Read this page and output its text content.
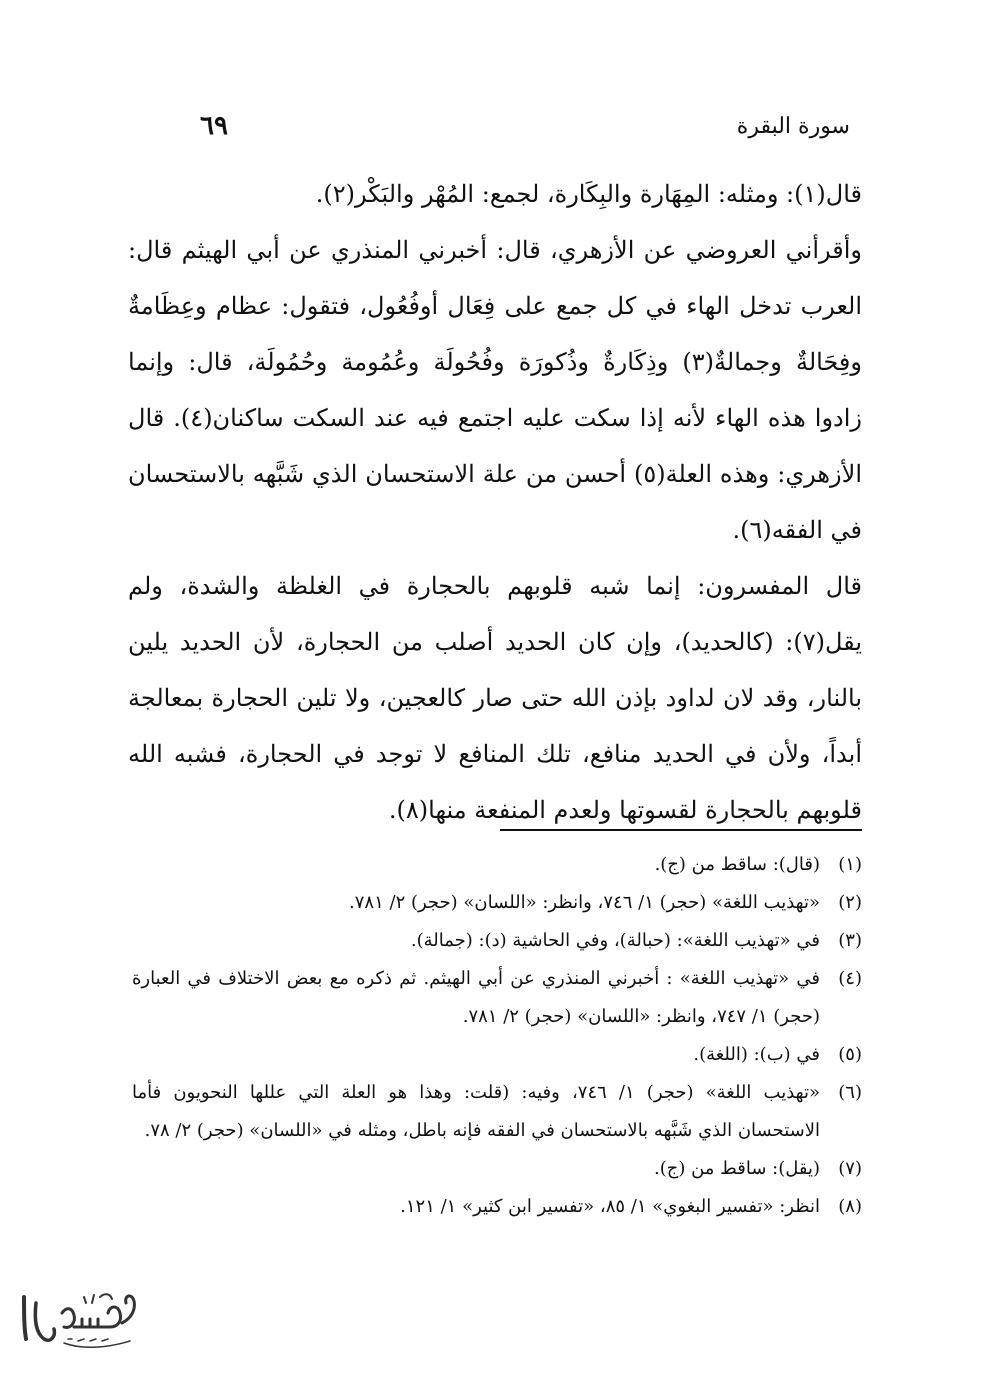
سورة البقرة
٦٩

قال(١): ومثله: المِهَارة والبِكَارة، لجمع: المُهْر والبَكْر(٢).

وأقرأني العروضي عن الأزهري، قال: أخبرني المنذري عن أبي الهيثم قال: العرب تدخل الهاء في كل جمع على فِعَال أوفُعُول، فتقول: عظام وعِظَامةٌ وفِحَالةٌ وجمالةٌ(٣) وذِكَارةٌ وذُكورَة وفُحُولَة وعُمُومة وحُمُولَة، قال: وإنما زادوا هذه الهاء لأنه إذا سكت عليه اجتمع فيه عند السكت ساكنان(٤). قال الأزهري: وهذه العلة(٥) أحسن من علة الاستحسان الذي شَبَّهه بالاستحسان في الفقه(٦).

قال المفسرون: إنما شبه قلوبهم بالحجارة في الغلظة والشدة، ولم يقل(٧): (كالحديد)، وإن كان الحديد أصلب من الحجارة، لأن الحديد يلين بالنار، وقد لان لداود بإذن الله حتى صار كالعجين، ولا تلين الحجارة بمعالجة أبداً، ولأن في الحديد منافع، تلك المنافع لا توجد في الحجارة، فشبه الله قلوبهم بالحجارة لقسوتها ولعدم المنفعة منها(٨).

(١)
(قال): ساقط من (ج).
(٢)
«تهذيب اللغة» (حجر) ١/ ٧٤٦، وانظر: «اللسان» (حجر) ٢/ ٧٨١.
(٣)
في «تهذيب اللغة»: (حبالة)، وفي الحاشية (د): (جمالة).
(٤)
في «تهذيب اللغة» : أخبرني المنذري عن أبي الهيثم. ثم ذكره مع بعض الاختلاف في العبارة (حجر) ١/ ٧٤٧، وانظر: «اللسان» (حجر) ٢/ ٧٨١.
(٥)
في (ب): (اللغة).
(٦)
«تهذيب اللغة» (حجر) ١/ ٧٤٦، وفيه: (قلت: وهذا هو العلة التي عللها النحويون فأما الاستحسان الذي شَبَّهه بالاستحسان في الفقه فإنه باطل، ومثله في «اللسان» (حجر) ٢/ ٧٨.
(٧)
(يقل): ساقط من (ج).
(٨)
انظر: «تفسير البغوي» ١/ ٨٥، «تفسير ابن كثير» ١/ ١٢١.
